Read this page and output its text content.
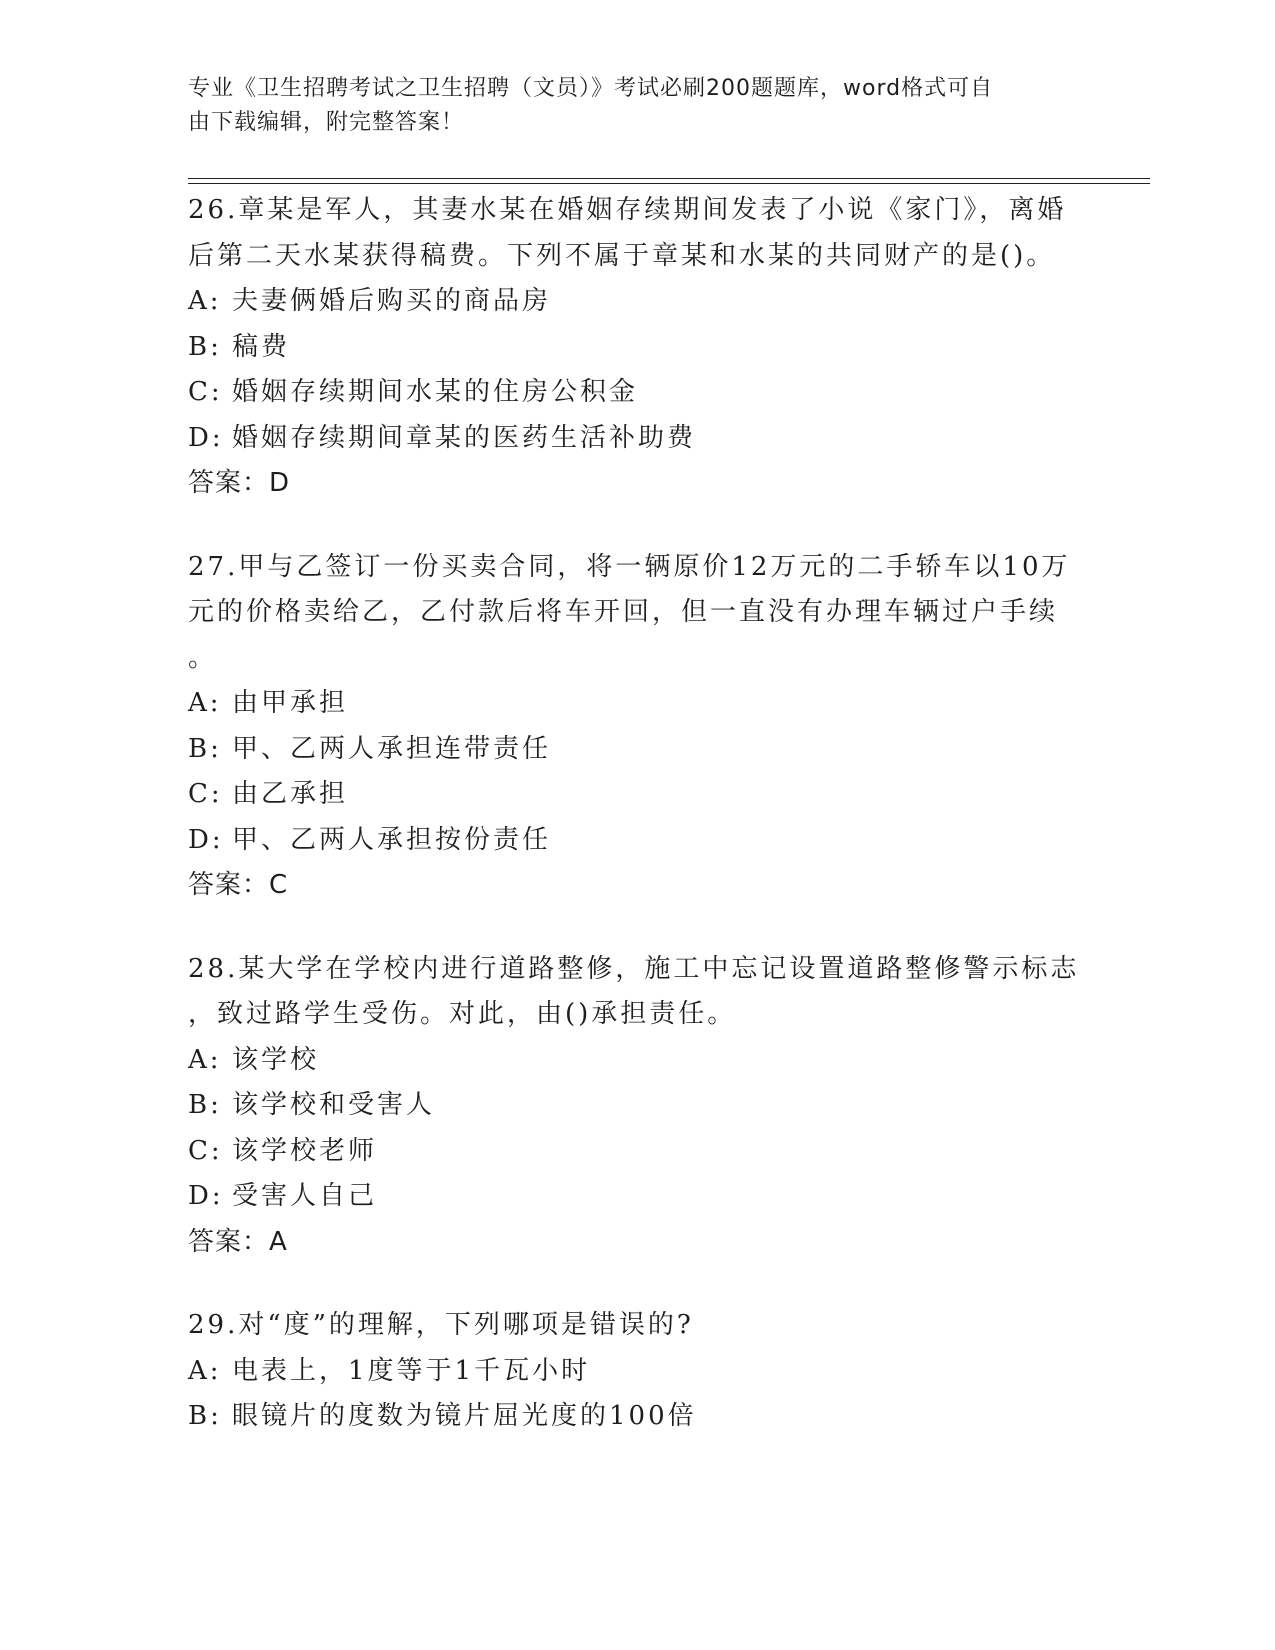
专业《卫生招聘考试之卫生招聘（文员）》考试必刷200题题库，word格式可自
由下载编辑，附完整答案！
26.章某是军人，其妻水某在婚姻存续期间发表了小说《家门》，离婚
后第二天水某获得稿费。下列不属于章某和水某的共同财产的是()。
A: 夫妻俩婚后购买的商品房
B: 稿费
C: 婚姻存续期间水某的住房公积金
D: 婚姻存续期间章某的医药生活补助费
答案：D
27.甲与乙签订一份买卖合同，将一辆原价12万元的二手轿车以10万
元的价格卖给乙，乙付款后将车开回，但一直没有办理车辆过户手续
。
A: 由甲承担
B: 甲、乙两人承担连带责任
C: 由乙承担
D: 甲、乙两人承担按份责任
答案：C
28.某大学在学校内进行道路整修，施工中忘记设置道路整修警示标志
，致过路学生受伤。对此，由()承担责任。
A: 该学校
B: 该学校和受害人
C: 该学校老师
D: 受害人自己
答案：A
29.对“度”的理解，下列哪项是错误的?
A: 电表上，1度等于1千瓦小时
B: 眼镜片的度数为镜片屈光度的100倍
